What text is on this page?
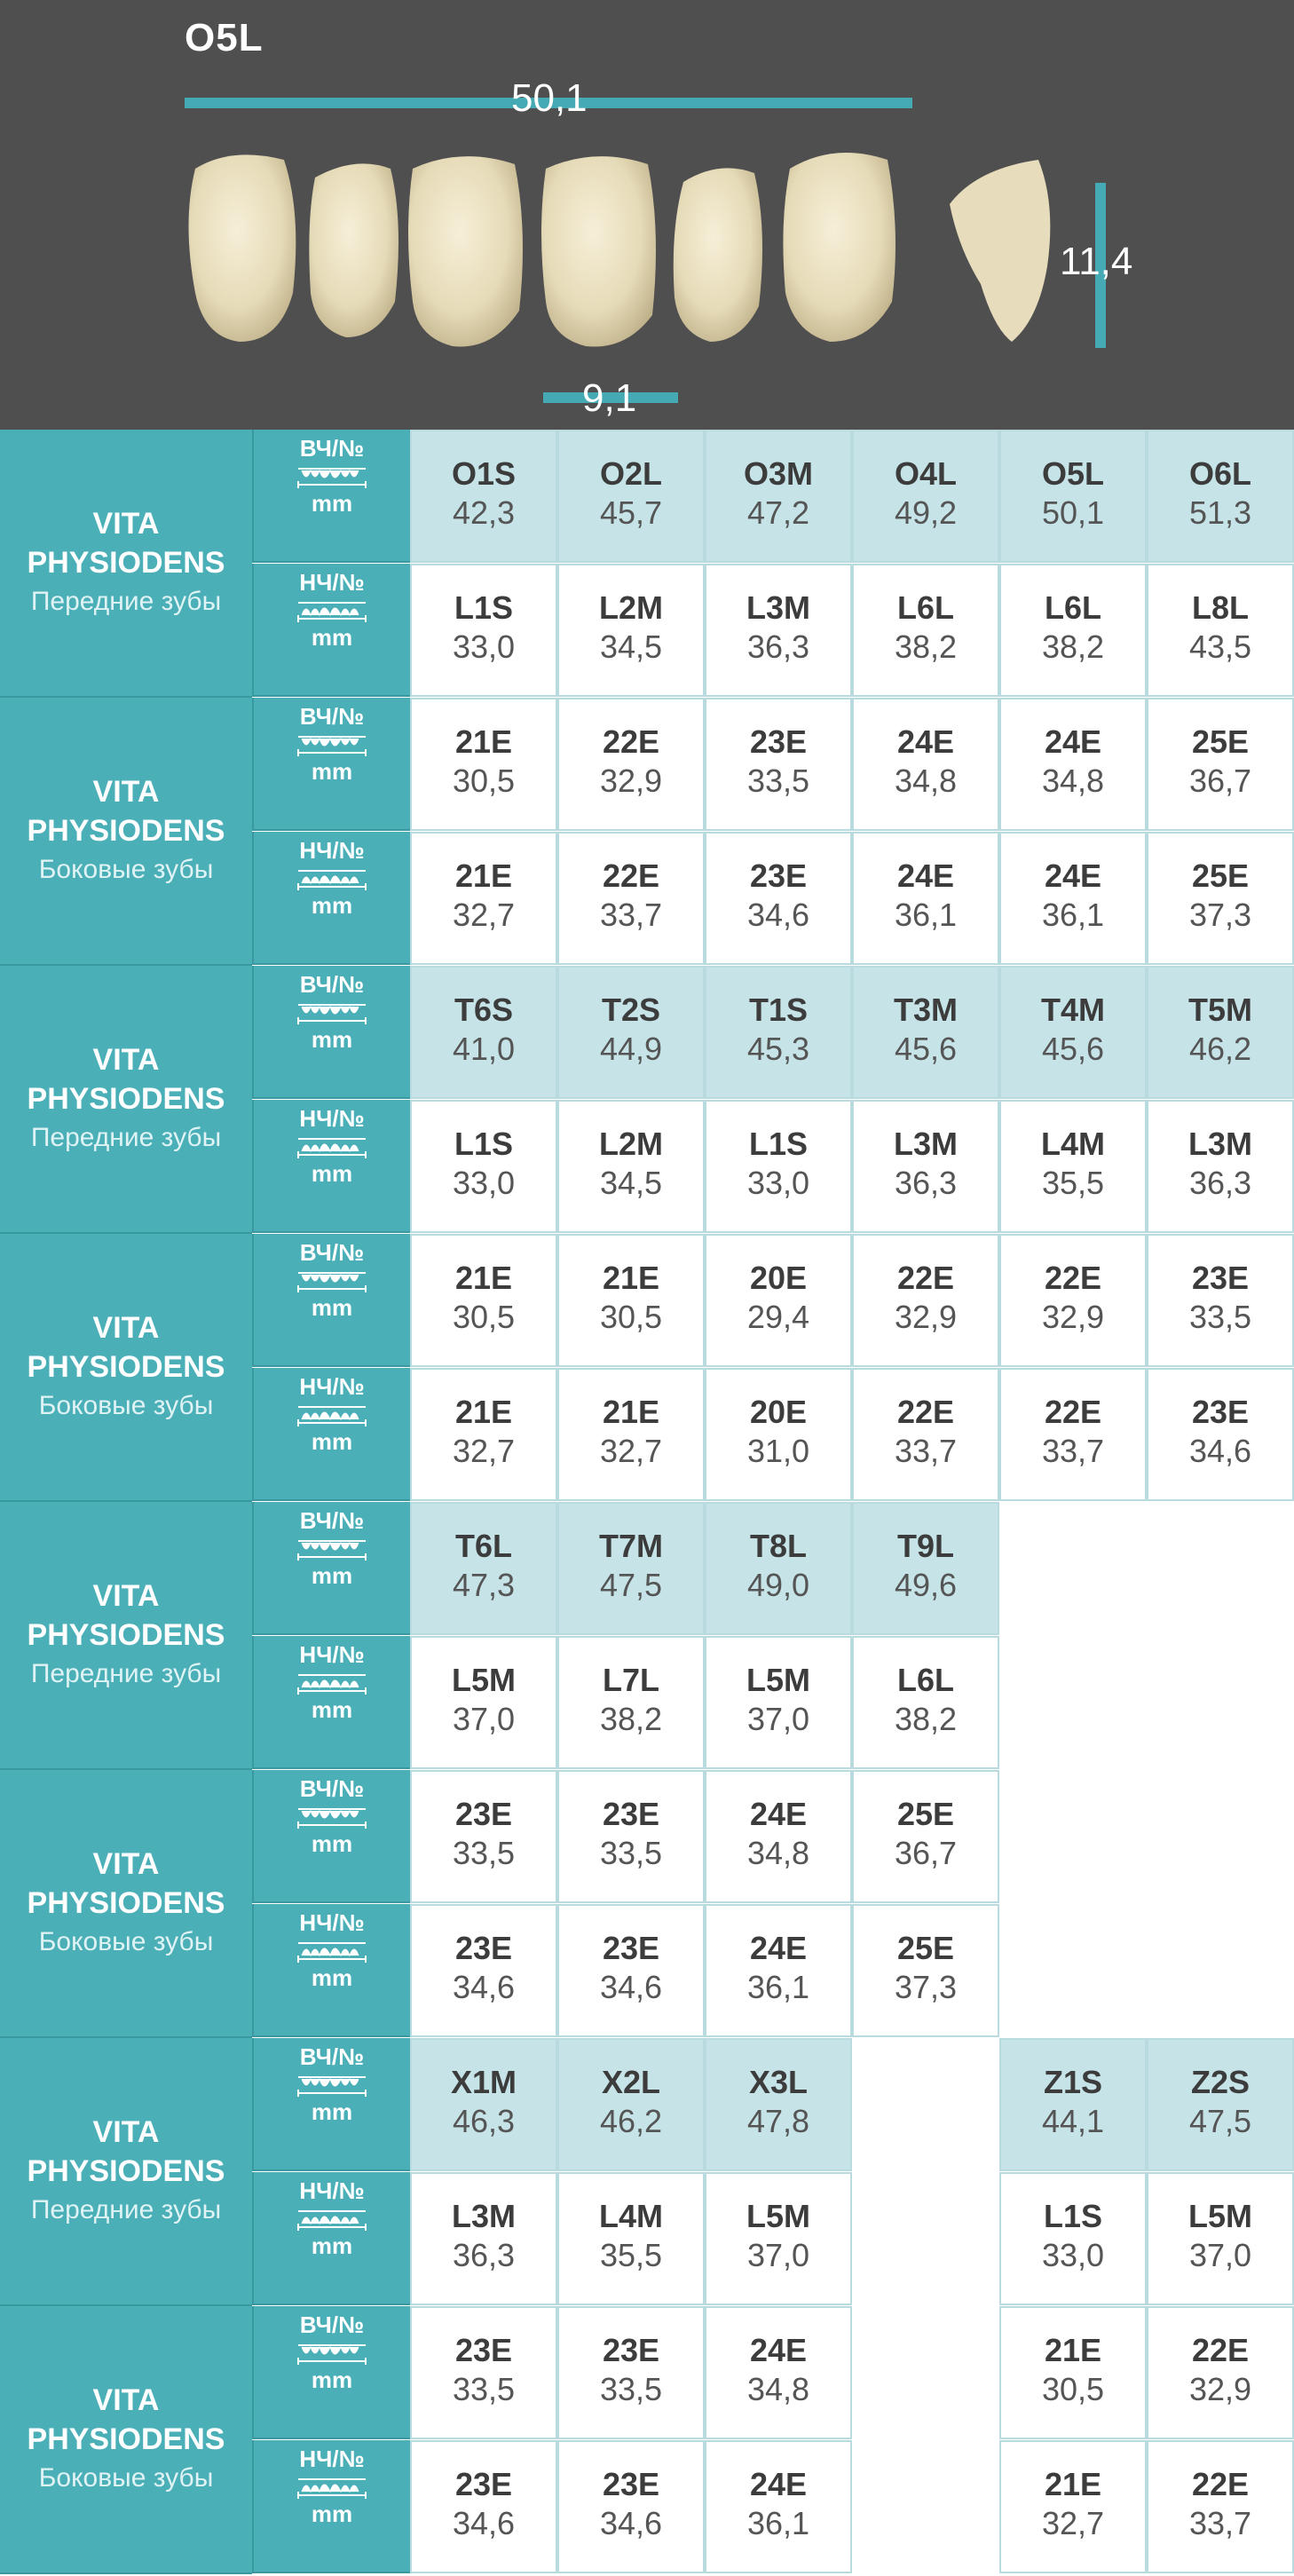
O5L
50,1
11,4
9,1
VITA
PHYSIODENS
Передние зубы
ВЧ/№
mm
O1S
42,3
O2L
45,7
O3M
47,2
O4L
49,2
O5L
50,1
O6L
51,3
НЧ/№
mm
L1S
33,0
L2M
34,5
L3M
36,3
L6L
38,2
L6L
38,2
L8L
43,5
VITA
PHYSIODENS
Боковые зубы
ВЧ/№
mm
21E
30,5
22E
32,9
23E
33,5
24E
34,8
24E
34,8
25E
36,7
НЧ/№
mm
21E
32,7
22E
33,7
23E
34,6
24E
36,1
24E
36,1
25E
37,3
VITA
PHYSIODENS
Передние зубы
ВЧ/№
mm
T6S
41,0
T2S
44,9
T1S
45,3
T3M
45,6
T4M
45,6
T5M
46,2
НЧ/№
mm
L1S
33,0
L2M
34,5
L1S
33,0
L3M
36,3
L4M
35,5
L3M
36,3
VITA
PHYSIODENS
Боковые зубы
ВЧ/№
mm
21E
30,5
21E
30,5
20E
29,4
22E
32,9
22E
32,9
23E
33,5
НЧ/№
mm
21E
32,7
21E
32,7
20E
31,0
22E
33,7
22E
33,7
23E
34,6
VITA
PHYSIODENS
Передние зубы
ВЧ/№
mm
T6L
47,3
T7M
47,5
T8L
49,0
T9L
49,6
НЧ/№
mm
L5M
37,0
L7L
38,2
L5M
37,0
L6L
38,2
VITA
PHYSIODENS
Боковые зубы
ВЧ/№
mm
23E
33,5
23E
33,5
24E
34,8
25E
36,7
НЧ/№
mm
23E
34,6
23E
34,6
24E
36,1
25E
37,3
VITA
PHYSIODENS
Передние зубы
ВЧ/№
mm
X1M
46,3
X2L
46,2
X3L
47,8
Z1S
44,1
Z2S
47,5
НЧ/№
mm
L3M
36,3
L4M
35,5
L5M
37,0
L1S
33,0
L5M
37,0
VITA
PHYSIODENS
Боковые зубы
ВЧ/№
mm
23E
33,5
23E
33,5
24E
34,8
21E
30,5
22E
32,9
НЧ/№
mm
23E
34,6
23E
34,6
24E
36,1
21E
32,7
22E
33,7
